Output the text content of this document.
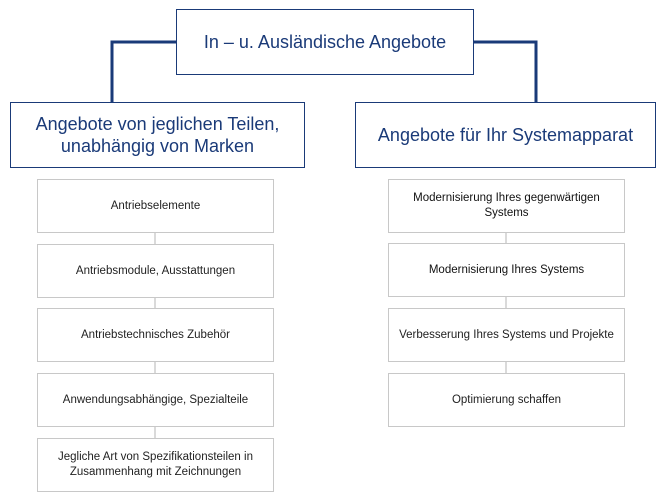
In – u. Ausländische Angebote
Angebote von jeglichen Teilen, unabhängig von Marken
Angebote für Ihr Systemapparat
Antriebselemente
Antriebsmodule, Ausstattungen
Antriebstechnisches Zubehör
Anwendungsabhängige, Spezialteile
Jegliche Art von Spezifikationsteilen in Zusammenhang mit Zeichnungen
Modernisierung Ihres gegenwärtigen Systems
Modernisierung Ihres Systems
Verbesserung Ihres Systems und Projekte
Optimierung schaffen
